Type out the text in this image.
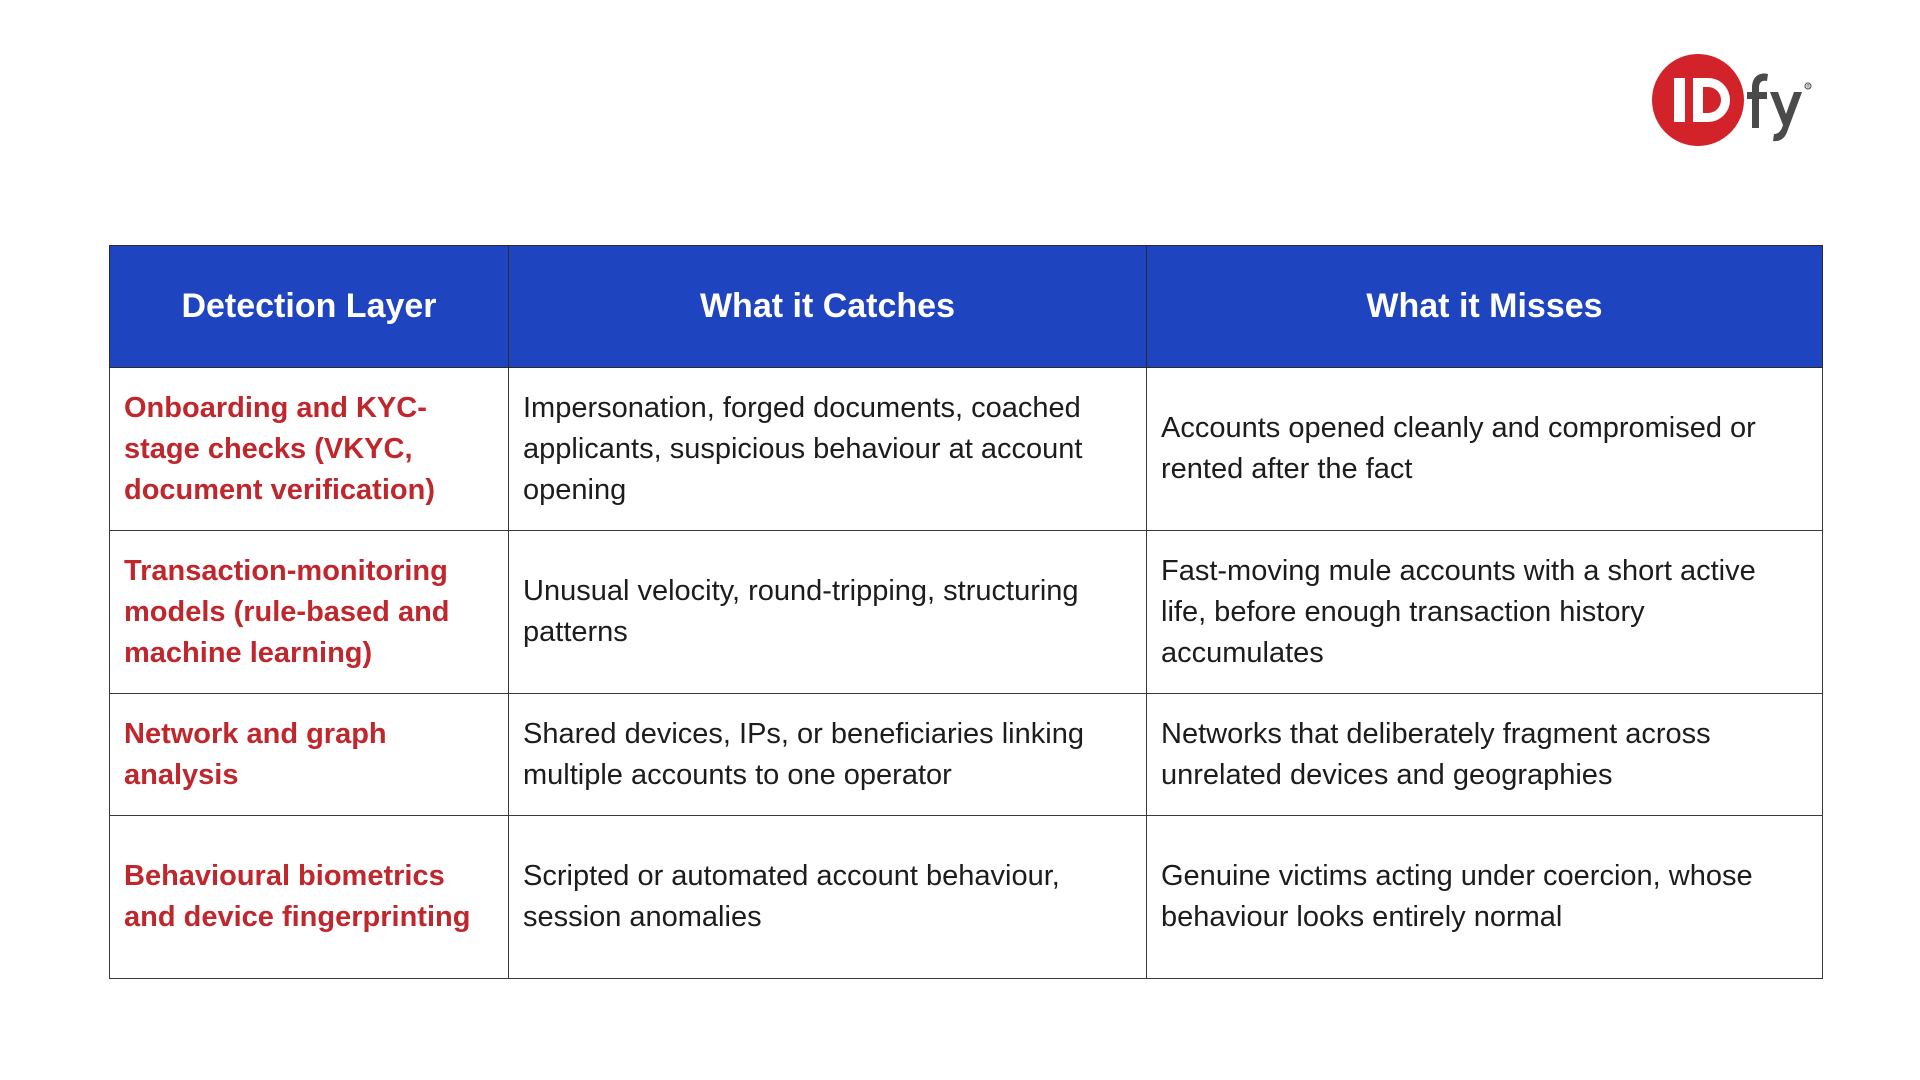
®
Detection Layer	What it Catches	What it Misses
Onboarding and KYC-stage checks (VKYC, document verification)	Impersonation, forged documents, coached applicants, suspicious behaviour at account opening	Accounts opened cleanly and compromised or rented after the fact
Transaction-monitoring models (rule-based and machine learning)	Unusual velocity, round-tripping, structuring patterns	Fast-moving mule accounts with a short active life, before enough transaction history accumulates
Network and graph analysis	Shared devices, IPs, or beneficiaries linking multiple accounts to one operator	Networks that deliberately fragment across unrelated devices and geographies
Behavioural biometrics and device fingerprinting	Scripted or automated account behaviour, session anomalies	Genuine victims acting under coercion, whose behaviour looks entirely normal
